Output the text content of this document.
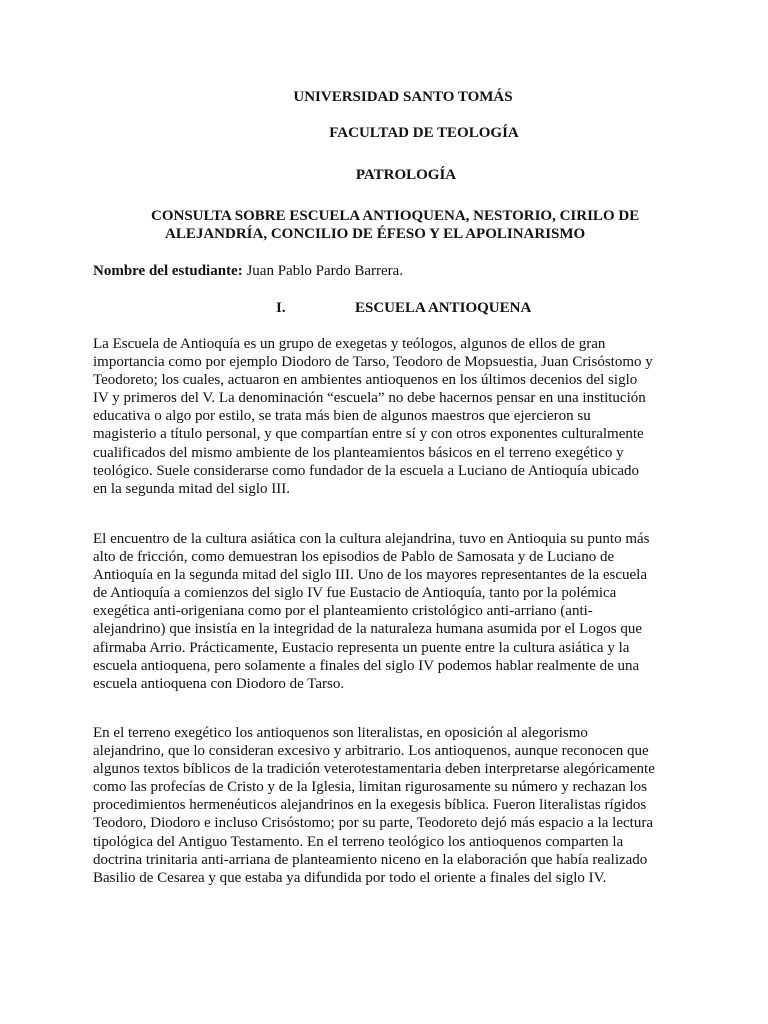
UNIVERSIDAD SANTO TOMÁS
FACULTAD DE TEOLOGÍA
PATROLOGÍA
CONSULTA SOBRE ESCUELA ANTIOQUENA, NESTORIO, CIRILO DE
ALEJANDRÍA, CONCILIO DE ÉFESO Y EL APOLINARISMO
Nombre del estudiante: Juan Pablo Pardo Barrera.
I.	ESCUELA ANTIOQUENA
La Escuela de Antioquía es un grupo de exegetas y teólogos, algunos de ellos de gran
importancia como por ejemplo Diodoro de Tarso, Teodoro de Mopsuestia, Juan Crisóstomo y
Teodoreto; los cuales, actuaron en ambientes antioquenos en los últimos decenios del siglo
IV y primeros del V. La denominación “escuela” no debe hacernos pensar en una institución
educativa o algo por estilo, se trata más bien de algunos maestros que ejercieron su
magisterio a título personal, y que compartían entre sí y con otros exponentes culturalmente
cualificados del mismo ambiente de los planteamientos básicos en el terreno exegético y
teológico. Suele considerarse como fundador de la escuela a Luciano de Antioquía ubicado
en la segunda mitad del siglo III.
El encuentro de la cultura asiática con la cultura alejandrina, tuvo en Antioquia su punto más
alto de fricción, como demuestran los episodios de Pablo de Samosata y de Luciano de
Antioquía en la segunda mitad del siglo III. Uno de los mayores representantes de la escuela
de Antioquía a comienzos del siglo IV fue Eustacio de Antioquía, tanto por la polémica
exegética anti-origeniana como por el planteamiento cristológico anti-arriano (anti-
alejandrino) que insistía en la integridad de la naturaleza humana asumida por el Logos que
afirmaba Arrio. Prácticamente, Eustacio representa un puente entre la cultura asiática y la
escuela antioquena, pero solamente a finales del siglo IV podemos hablar realmente de una
escuela antioquena con Diodoro de Tarso.
En el terreno exegético los antioquenos son literalistas, en oposición al alegorismo
alejandrino, que lo consideran excesivo y arbitrario. Los antioquenos, aunque reconocen que
algunos textos bíblicos de la tradición veterotestamentaria deben interpretarse alegóricamente
como las profecías de Cristo y de la Iglesia, limitan rigurosamente su número y rechazan los
procedimientos hermenéuticos alejandrinos en la exegesis bíblica. Fueron literalistas rígidos
Teodoro, Diodoro e incluso Crisóstomo; por su parte, Teodoreto dejó más espacio a la lectura
tipológica del Antiguo Testamento. En el terreno teológico los antioquenos comparten la
doctrina trinitaria anti-arriana de planteamiento niceno en la elaboración que había realizado
Basilio de Cesarea y que estaba ya difundida por todo el oriente a finales del siglo IV.
